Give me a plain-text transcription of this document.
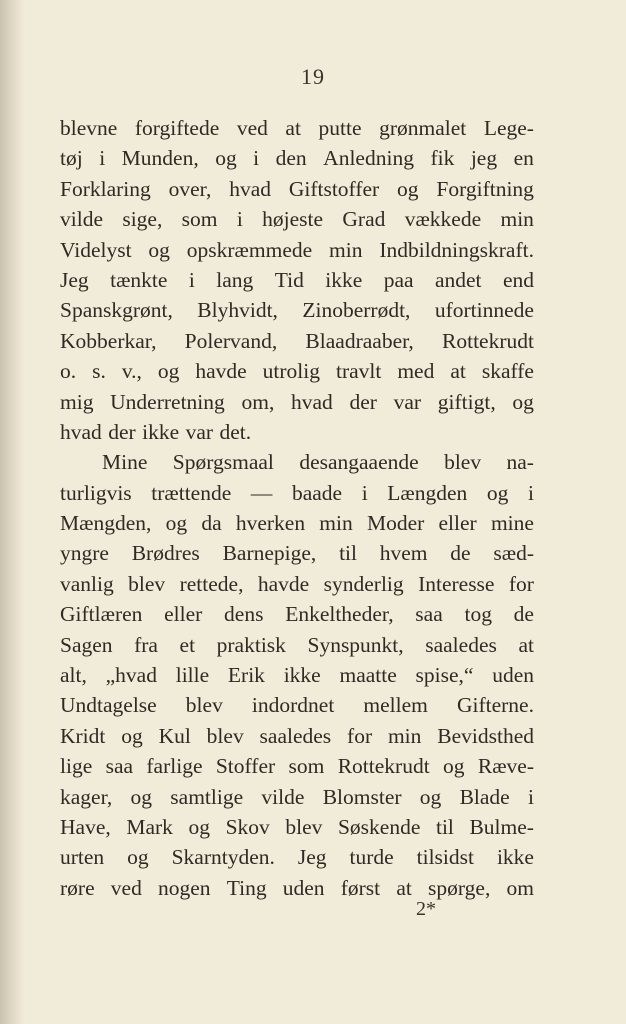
19
blevne forgiftede ved at putte grønmalet Lege-
tøj i Munden, og i den Anledning fik jeg en
Forklaring over, hvad Giftstoffer og Forgiftning
vilde sige, som i højeste Grad vækkede min
Videlyst og opskræmmede min Indbildningskraft.
Jeg tænkte i lang Tid ikke paa andet end
Spanskgrønt, Blyhvidt, Zinoberrødt, ufortinnede
Kobberkar, Polervand, Blaadraaber, Rottekrudt
o. s. v., og havde utrolig travlt med at skaffe
mig Underretning om, hvad der var giftigt, og
hvad der ikke var det.
Mine Spørgsmaal desangaaende blev na-
turligvis trættende — baade i Længden og i
Mængden, og da hverken min Moder eller mine
yngre Brødres Barnepige, til hvem de sæd-
vanlig blev rettede, havde synderlig Interesse for
Giftlæren eller dens Enkeltheder, saa tog de
Sagen fra et praktisk Synspunkt, saaledes at
alt, „hvad lille Erik ikke maatte spise,“ uden
Undtagelse blev indordnet mellem Gifterne.
Kridt og Kul blev saaledes for min Bevidsthed
lige saa farlige Stoffer som Rottekrudt og Ræve-
kager, og samtlige vilde Blomster og Blade i
Have, Mark og Skov blev Søskende til Bulme-
urten og Skarntyden. Jeg turde tilsidst ikke
røre ved nogen Ting uden først at spørge, om
2*
